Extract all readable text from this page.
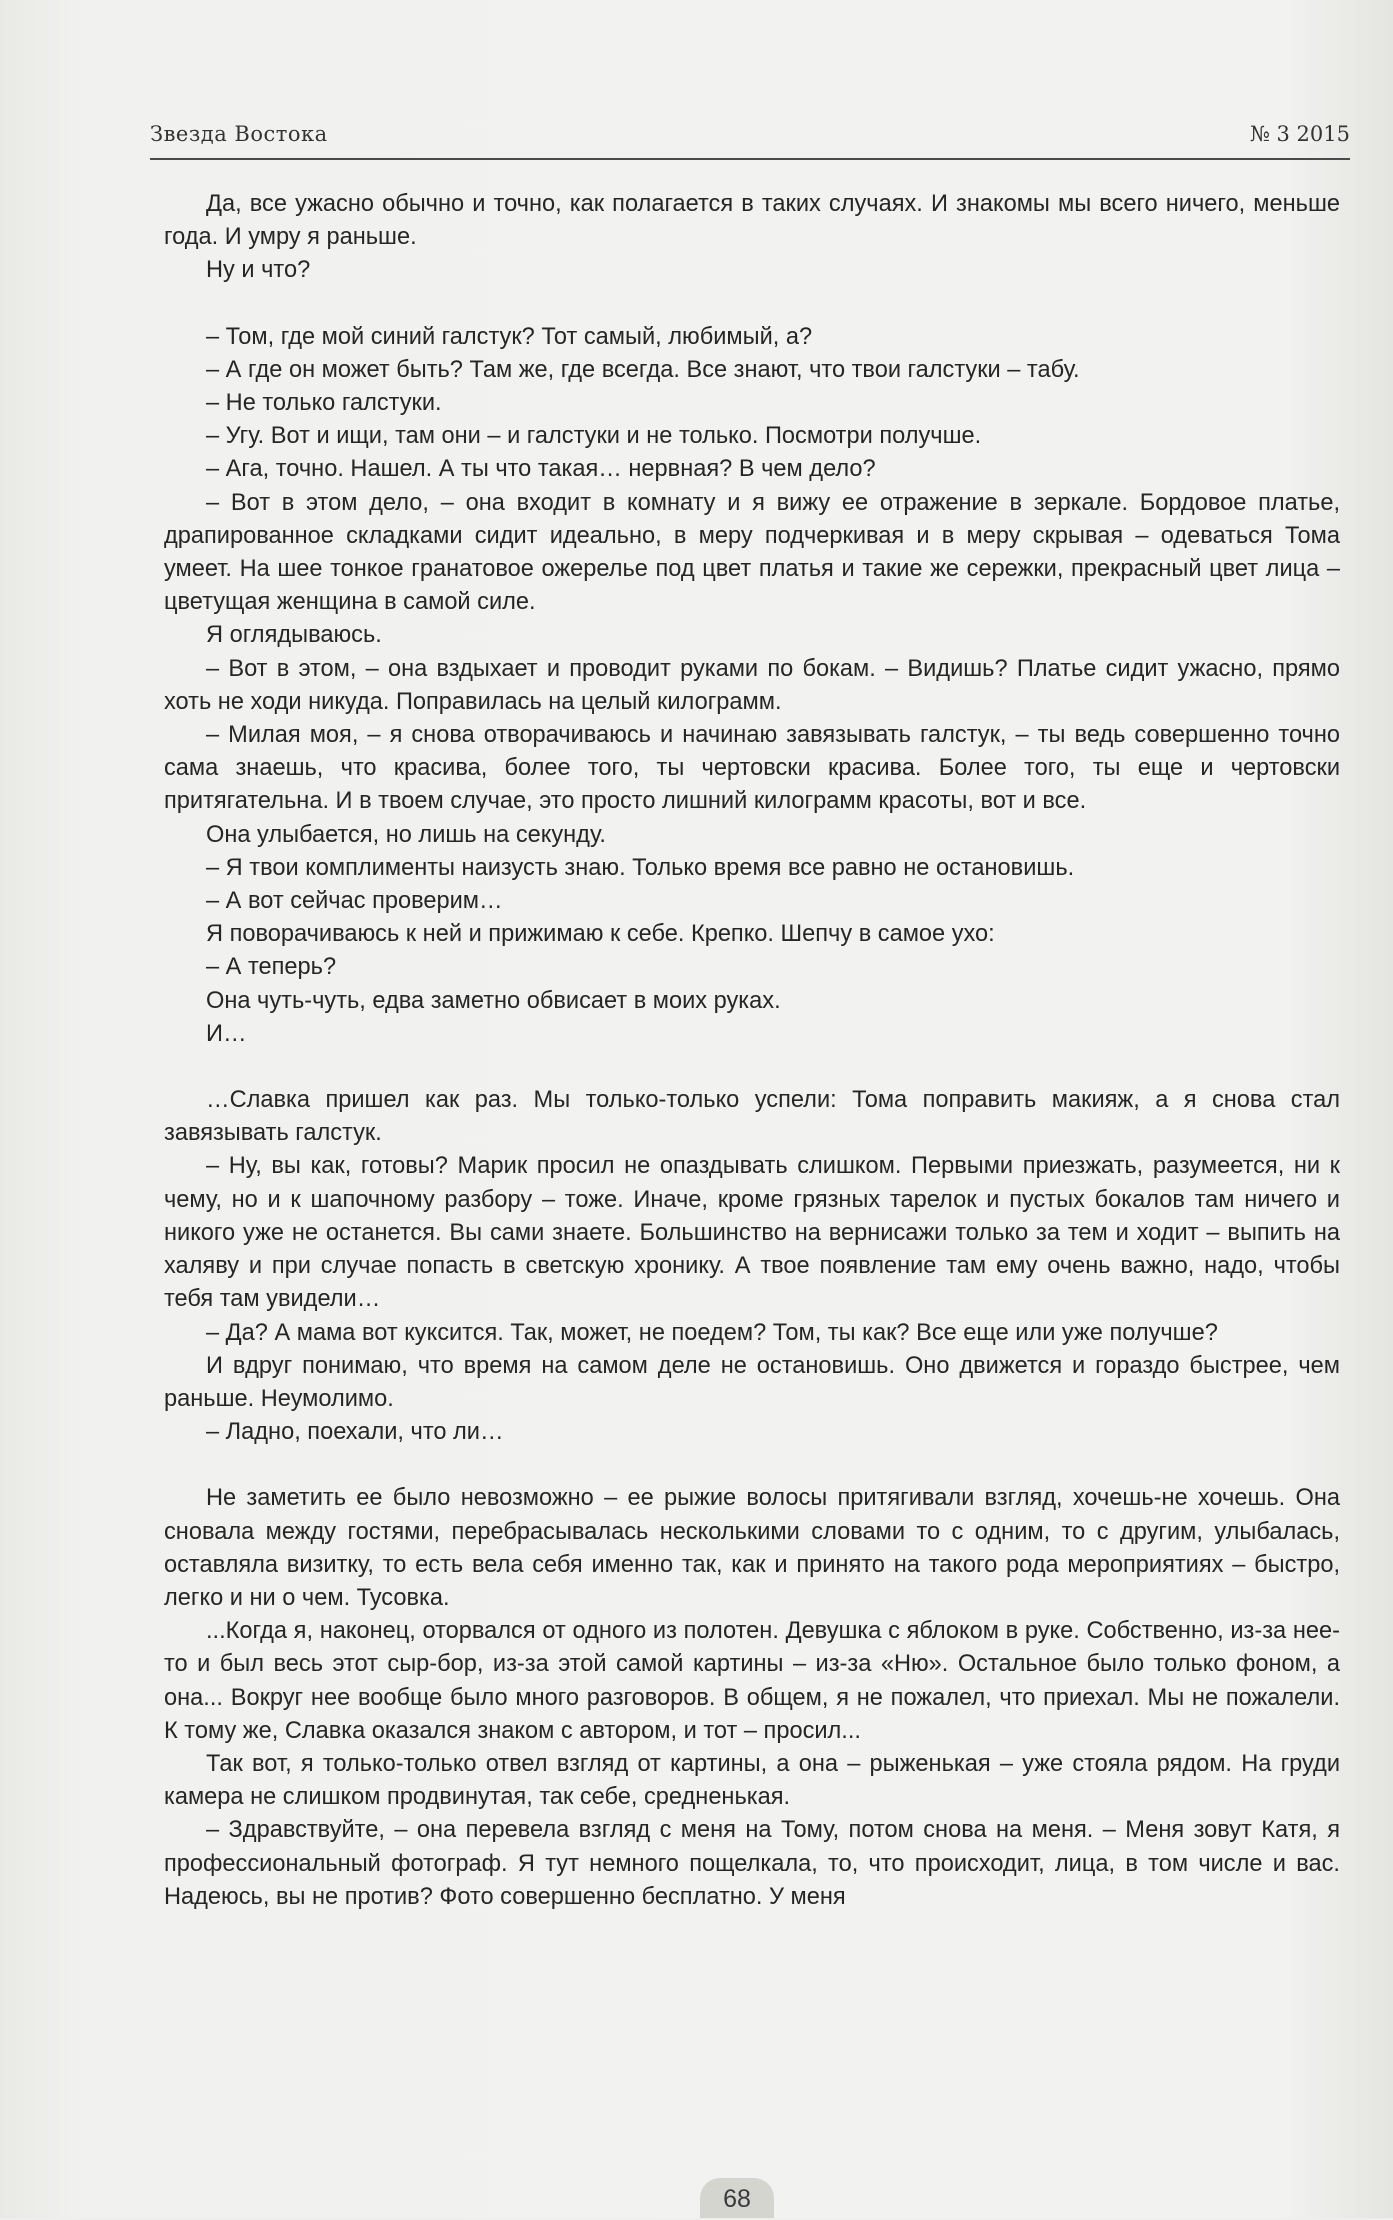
Звезда Востока	№ 3 2015

Да, все ужасно обычно и точно, как полагается в таких случаях. И знакомы мы всего ничего, меньше года. И умру я раньше.

Ну и что?

– Том, где мой синий галстук? Тот самый, любимый, а?

– А где он может быть? Там же, где всегда. Все знают, что твои галстуки – табу.

– Не только галстуки.

– Угу. Вот и ищи, там они – и галстуки и не только. Посмотри получше.

– Ага, точно. Нашел. А ты что такая… нервная? В чем дело?

– Вот в этом дело, – она входит в комнату и я вижу ее отражение в зеркале. Бордовое платье, драпированное складками сидит идеально, в меру подчеркивая и в меру скрывая – одеваться Тома умеет. На шее тонкое гранатовое ожерелье под цвет платья и такие же сережки, прекрасный цвет лица – цветущая женщина в самой силе.

Я оглядываюсь.

– Вот в этом, – она вздыхает и проводит руками по бокам. – Видишь? Платье сидит ужасно, прямо хоть не ходи никуда. Поправилась на целый килограмм.

– Милая моя, – я снова отворачиваюсь и начинаю завязывать галстук, – ты ведь совершенно точно сама знаешь, что красива, более того, ты чертовски красива. Более того, ты еще и чертовски притягательна. И в твоем случае, это просто лишний килограмм красоты, вот и все.

Она улыбается, но лишь на секунду.

– Я твои комплименты наизусть знаю. Только время все равно не остановишь.

– А вот сейчас проверим…

Я поворачиваюсь к ней и прижимаю к себе. Крепко. Шепчу в самое ухо:

– А теперь?

Она чуть-чуть, едва заметно обвисает в моих руках.

И…

…Славка пришел как раз. Мы только-только успели: Тома поправить макияж, а я снова стал завязывать галстук.

– Ну, вы как, готовы? Марик просил не опаздывать слишком. Первыми приезжать, разумеется, ни к чему, но и к шапочному разбору – тоже. Иначе, кроме грязных тарелок и пустых бокалов там ничего и никого уже не останется. Вы сами знаете. Большинство на вернисажи только за тем и ходит – выпить на халяву и при случае попасть в светскую хронику. А твое появление там ему очень важно, надо, чтобы тебя там увидели…

– Да? А мама вот куксится. Так, может, не поедем? Том, ты как? Все еще или уже получше?

И вдруг понимаю, что время на самом деле не остановишь. Оно движется и гораздо быстрее, чем раньше. Неумолимо.

– Ладно, поехали, что ли…

Не заметить ее было невозможно – ее рыжие волосы притягивали взгляд, хочешь-не хочешь. Она сновала между гостями, перебрасывалась несколькими словами то с одним, то с другим, улыбалась, оставляла визитку, то есть вела себя именно так, как и принято на такого рода мероприятиях – быстро, легко и ни о чем. Тусовка.

...Когда я, наконец, оторвался от одного из полотен. Девушка с яблоком в руке. Собственно, из-за нее-то и был весь этот сыр-бор, из-за этой самой картины – из-за «Ню». Остальное было только фоном, а она... Вокруг нее вообще было много разговоров. В общем, я не пожалел, что приехал. Мы не пожалели. К тому же, Славка оказался знаком с автором, и тот – просил...

Так вот, я только-только отвел взгляд от картины, а она – рыженькая – уже стояла рядом. На груди камера не слишком продвинутая, так себе, средненькая.

– Здравствуйте, – она перевела взгляд с меня на Тому, потом снова на меня. – Меня зовут Катя, я профессиональный фотограф. Я тут немного пощелкала, то, что происходит, лица, в том числе и вас. Надеюсь, вы не против? Фото совершенно бесплатно. У меня

68
